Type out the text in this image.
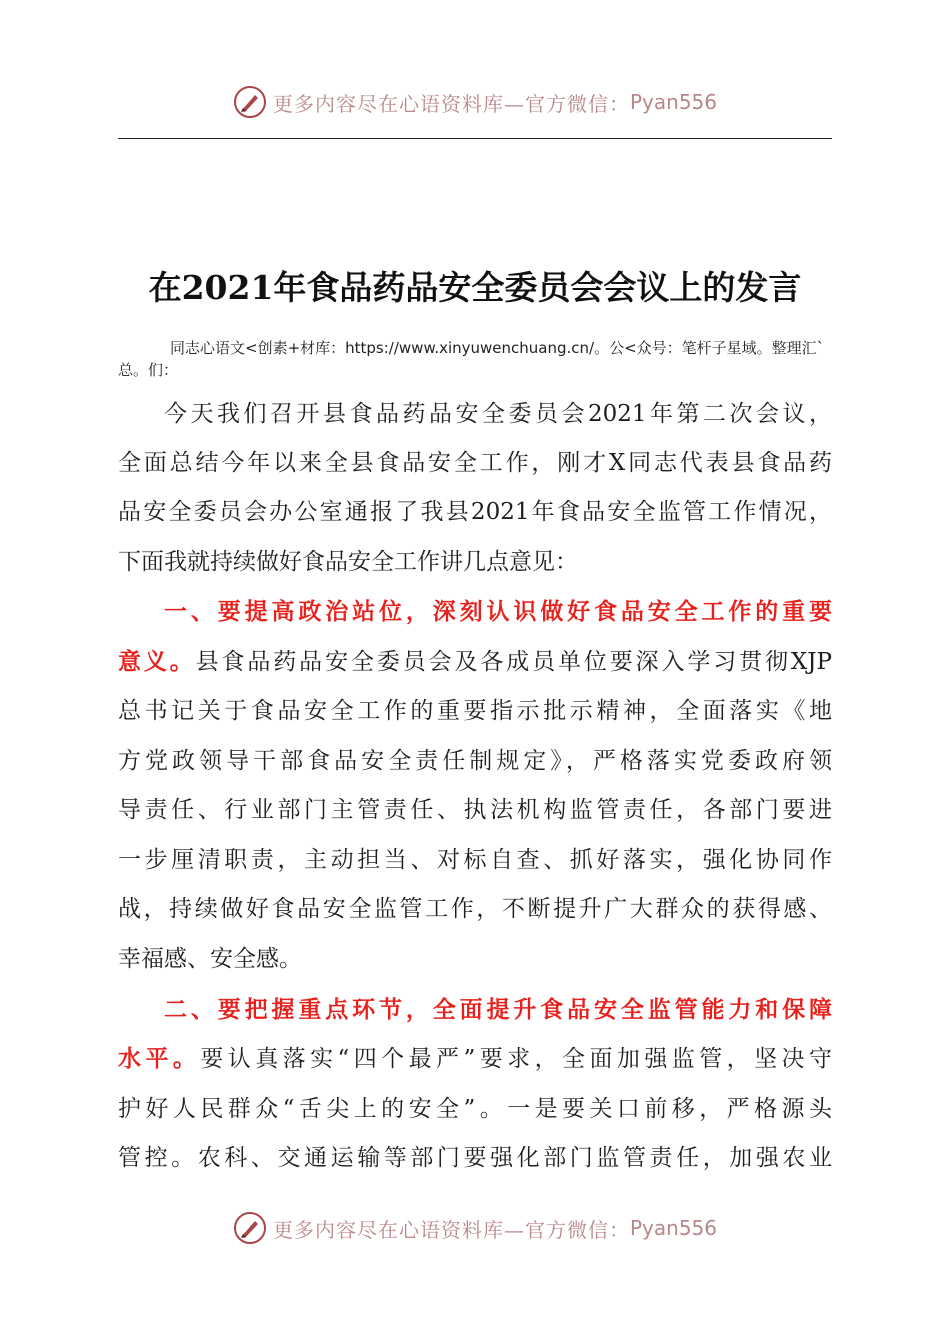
更多内容尽在心语资料库—官方微信： Pyan556
在2021年食品药品安全委员会会议上的发言
同志心语文<创素+材库：https://www.xinyuwenchuang.cn/。公<众号：笔杆子星域。整理汇`总。们：
今天我们召开县食品药品安全委员会2021年第二次会议，
全面总结今年以来全县食品安全工作，刚才X同志代表县食品药
品安全委员会办公室通报了我县2021年食品安全监管工作情况，
下面我就持续做好食品安全工作讲几点意见：
一、要提高政治站位，深刻认识做好食品安全工作的重要
意义。县食品药品安全委员会及各成员单位要深入学习贯彻XJP
总书记关于食品安全工作的重要指示批示精神，全面落实《地
方党政领导干部食品安全责任制规定》，严格落实党委政府领
导责任、行业部门主管责任、执法机构监管责任，各部门要进
一步厘清职责，主动担当、对标自查、抓好落实，强化协同作
战，持续做好食品安全监管工作，不断提升广大群众的获得感、
幸福感、安全感。
二、要把握重点环节，全面提升食品安全监管能力和保障
水平。要认真落实“四个最严”要求，全面加强监管，坚决守
护好人民群众“舌尖上的安全”。一是要关口前移，严格源头
管控。农科、交通运输等部门要强化部门监管责任，加强农业
更多内容尽在心语资料库—官方微信： Pyan556
